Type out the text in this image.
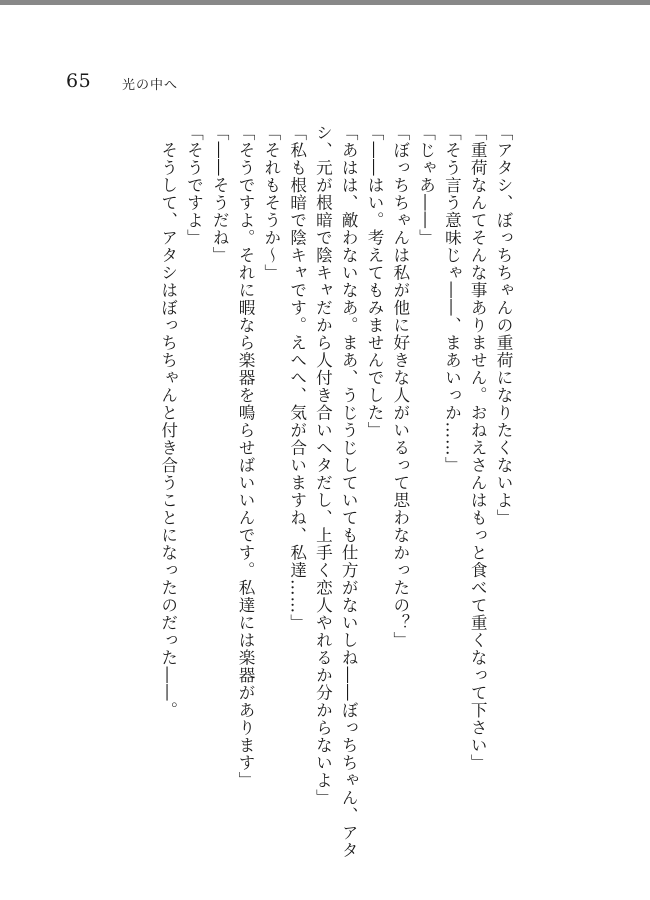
65 光の中へ
「アタシ、ぼっちちゃんの重荷になりたくないよ」
「重荷なんてそんな事ありません。おねえさんはもっと食べて重くなって下さい」
「そう言う意味じゃ――、まあいっか……」
「じゃあ――」
「ぼっちちゃんは私が他に好きな人がいるって思わなかったの？」
「――はい。考えてもみませんでした」
「あはは、敵わないなあ。まあ、うじうじしていても仕方がないしね――ぼっちちゃん、アタ
シ、元が根暗で陰キャだから人付き合いヘタだし、上手く恋人やれるか分からないよ」
「私も根暗で陰キャです。えへへ、気が合いますね、私達……」
「それもそうか～」
「そうですよ。それに暇なら楽器を鳴らせばいいんです。私達には楽器があります」
「――そうだね」
「そうですよ」
　そうして、アタシはぼっちちゃんと付き合うことになったのだった――。
